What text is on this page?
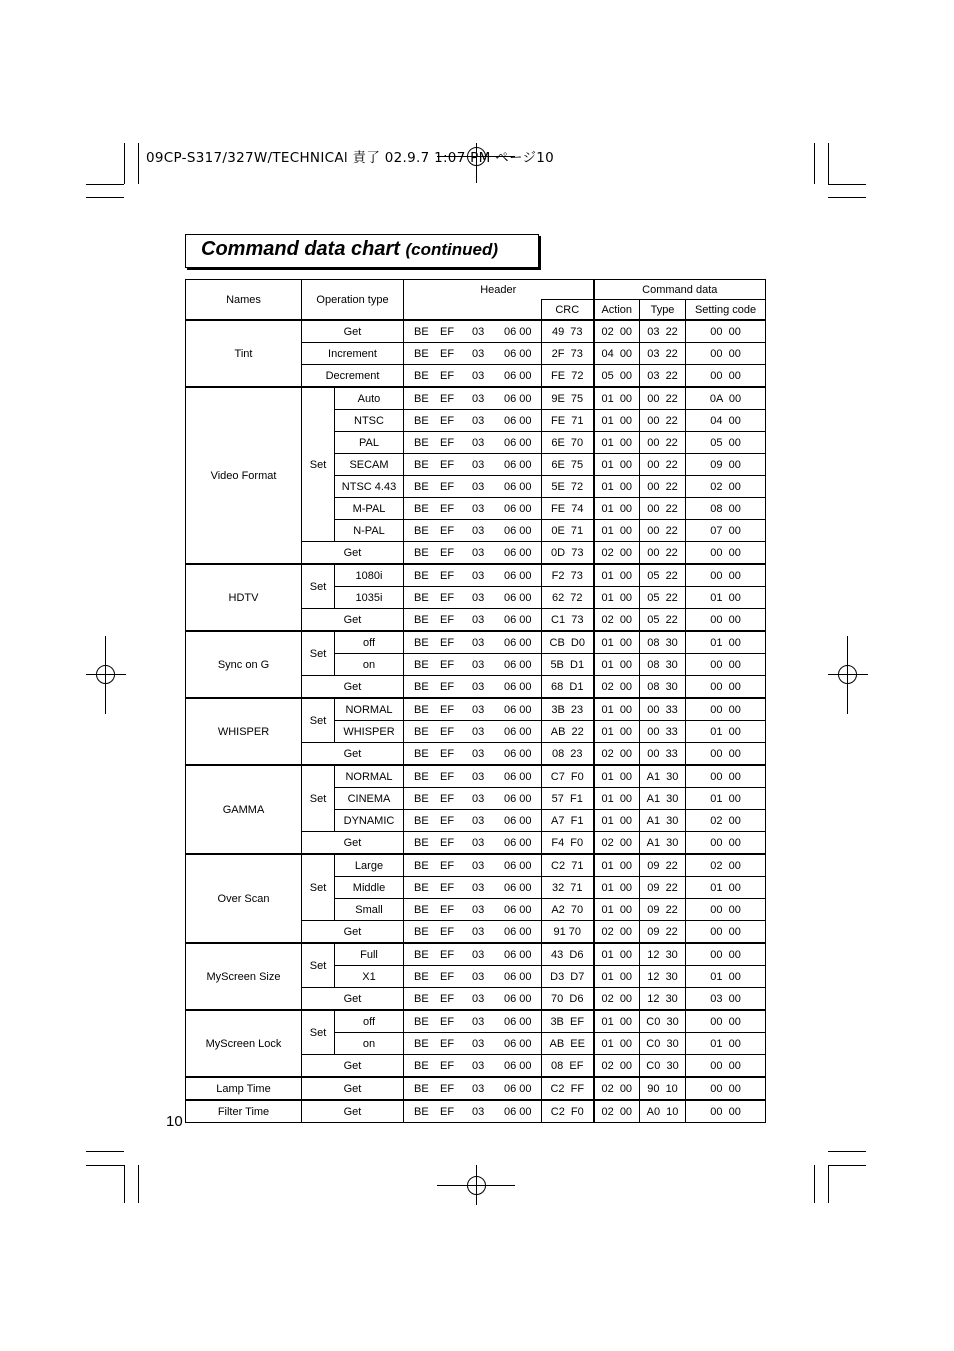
09CP-S317/327W/TECHNICAl 責了 02.9.7 1:07 PM ページ10
Command data chart (continued)
Names	Operation type		Header		Command data		
				CRC	Action	Type	Setting code
Tint	Get		BE EF 03 06 00	49  73	02  00	03  22	00  00
	Increment		BE EF 03 06 00	2F  73	04  00	03  22	00  00
	Decrement		BE EF 03 06 00	FE  72	05  00	03  22	00  00
Video Format	Set	Auto	BE EF 03 06 00	9E  75	01  00	00  22	0A  00
		NTSC	BE EF 03 06 00	FE  71	01  00	00  22	04  00
		PAL	BE EF 03 06 00	6E  70	01  00	00  22	05  00
		SECAM	BE EF 03 06 00	6E  75	01  00	00  22	09  00
		NTSC 4.43	BE EF 03 06 00	5E  72	01  00	00  22	02  00
		M-PAL	BE EF 03 06 00	FE  74	01  00	00  22	08  00
		N-PAL	BE EF 03 06 00	0E  71	01  00	00  22	07  00
	Get		BE EF 03 06 00	0D  73	02  00	00  22	00  00
HDTV	Set	1080i	BE EF 03 06 00	F2  73	01  00	05  22	00  00
		1035i	BE EF 03 06 00	62  72	01  00	05  22	01  00
	Get		BE EF 03 06 00	C1  73	02  00	05  22	00  00
Sync on G	Set	off	BE EF 03 06 00	CB  D0	01  00	08  30	01  00
		on	BE EF 03 06 00	5B  D1	01  00	08  30	00  00
	Get		BE EF 03 06 00	68  D1	02  00	08  30	00  00
WHISPER	Set	NORMAL	BE EF 03 06 00	3B  23	01  00	00  33	00  00
		WHISPER	BE EF 03 06 00	AB  22	01  00	00  33	01  00
	Get		BE EF 03 06 00	08  23	02  00	00  33	00  00
GAMMA	Set	NORMAL	BE EF 03 06 00	C7  F0	01  00	A1  30	00  00
		CINEMA	BE EF 03 06 00	57  F1	01  00	A1  30	01  00
		DYNAMIC	BE EF 03 06 00	A7  F1	01  00	A1  30	02  00
	Get		BE EF 03 06 00	F4  F0	02  00	A1  30	00  00
Over Scan	Set	Large	BE EF 03 06 00	C2  71	01  00	09  22	02  00
		Middle	BE EF 03 06 00	32  71	01  00	09  22	01  00
		Small	BE EF 03 06 00	A2  70	01  00	09  22	00  00
	Get		BE EF 03 06 00	91 70	02  00	09  22	00  00
MyScreen Size	Set	Full	BE EF 03 06 00	43  D6	01  00	12  30	00  00
		X1	BE EF 03 06 00	D3  D7	01  00	12  30	01  00
	Get		BE EF 03 06 00	70  D6	02  00	12  30	03  00
MyScreen Lock	Set	off	BE EF 03 06 00	3B  EF	01  00	C0  30	00  00
		on	BE EF 03 06 00	AB  EE	01  00	C0  30	01  00
	Get		BE EF 03 06 00	08  EF	02  00	C0  30	00  00
Lamp Time	Get		BE EF 03 06 00	C2  FF	02  00	90  10	00  00
Filter Time	Get		BE EF 03 06 00	C2  F0	02  00	A0  10	00  00
10
